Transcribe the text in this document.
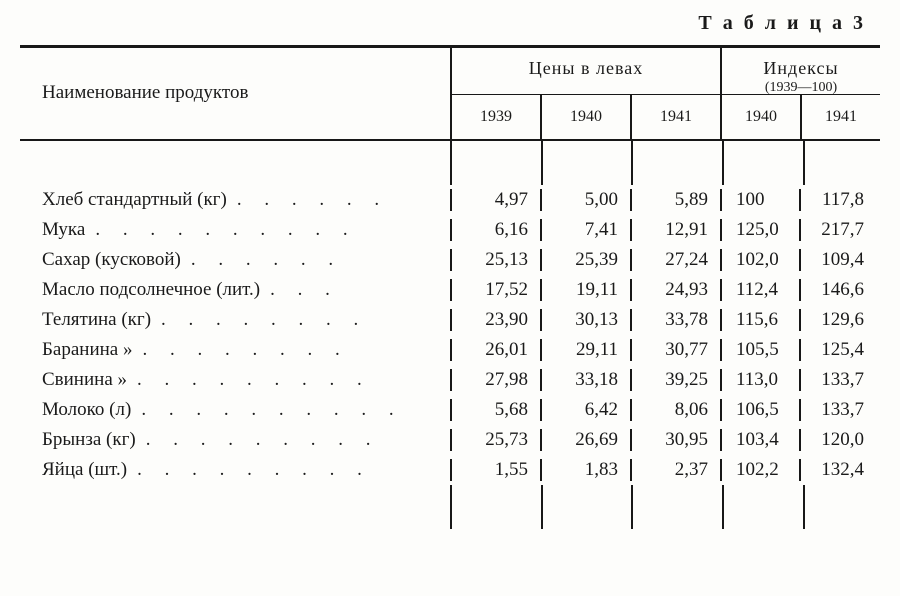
Т а б л и ц а 3
Наименование продуктов
Цены в левах
1939	1940	1941
Индексы
(1939—100)
1940	1941
Хлеб стандартный (кг) . . . . . .	4,97	5,00	5,89	100	117,8
Мука . . . . . . . . . .	6,16	7,41	12,91	125,0	217,7
Сахар (кусковой) . . . . . .	25,13	25,39	27,24	102,0	109,4
Масло подсолнечное (лит.) . . .	17,52	19,11	24,93	112,4	146,6
Телятина (кг) . . . . . . . .	23,90	30,13	33,78	115,6	129,6
Баранина » . . . . . . . .	26,01	29,11	30,77	105,5	125,4
Свинина » . . . . . . . . .	27,98	33,18	39,25	113,0	133,7
Молоко (л) . . . . . . . . . .	5,68	6,42	8,06	106,5	133,7
Брынза (кг) . . . . . . . . .	25,73	26,69	30,95	103,4	120,0
Яйца (шт.) . . . . . . . . .	1,55	1,83	2,37	102,2	132,4
